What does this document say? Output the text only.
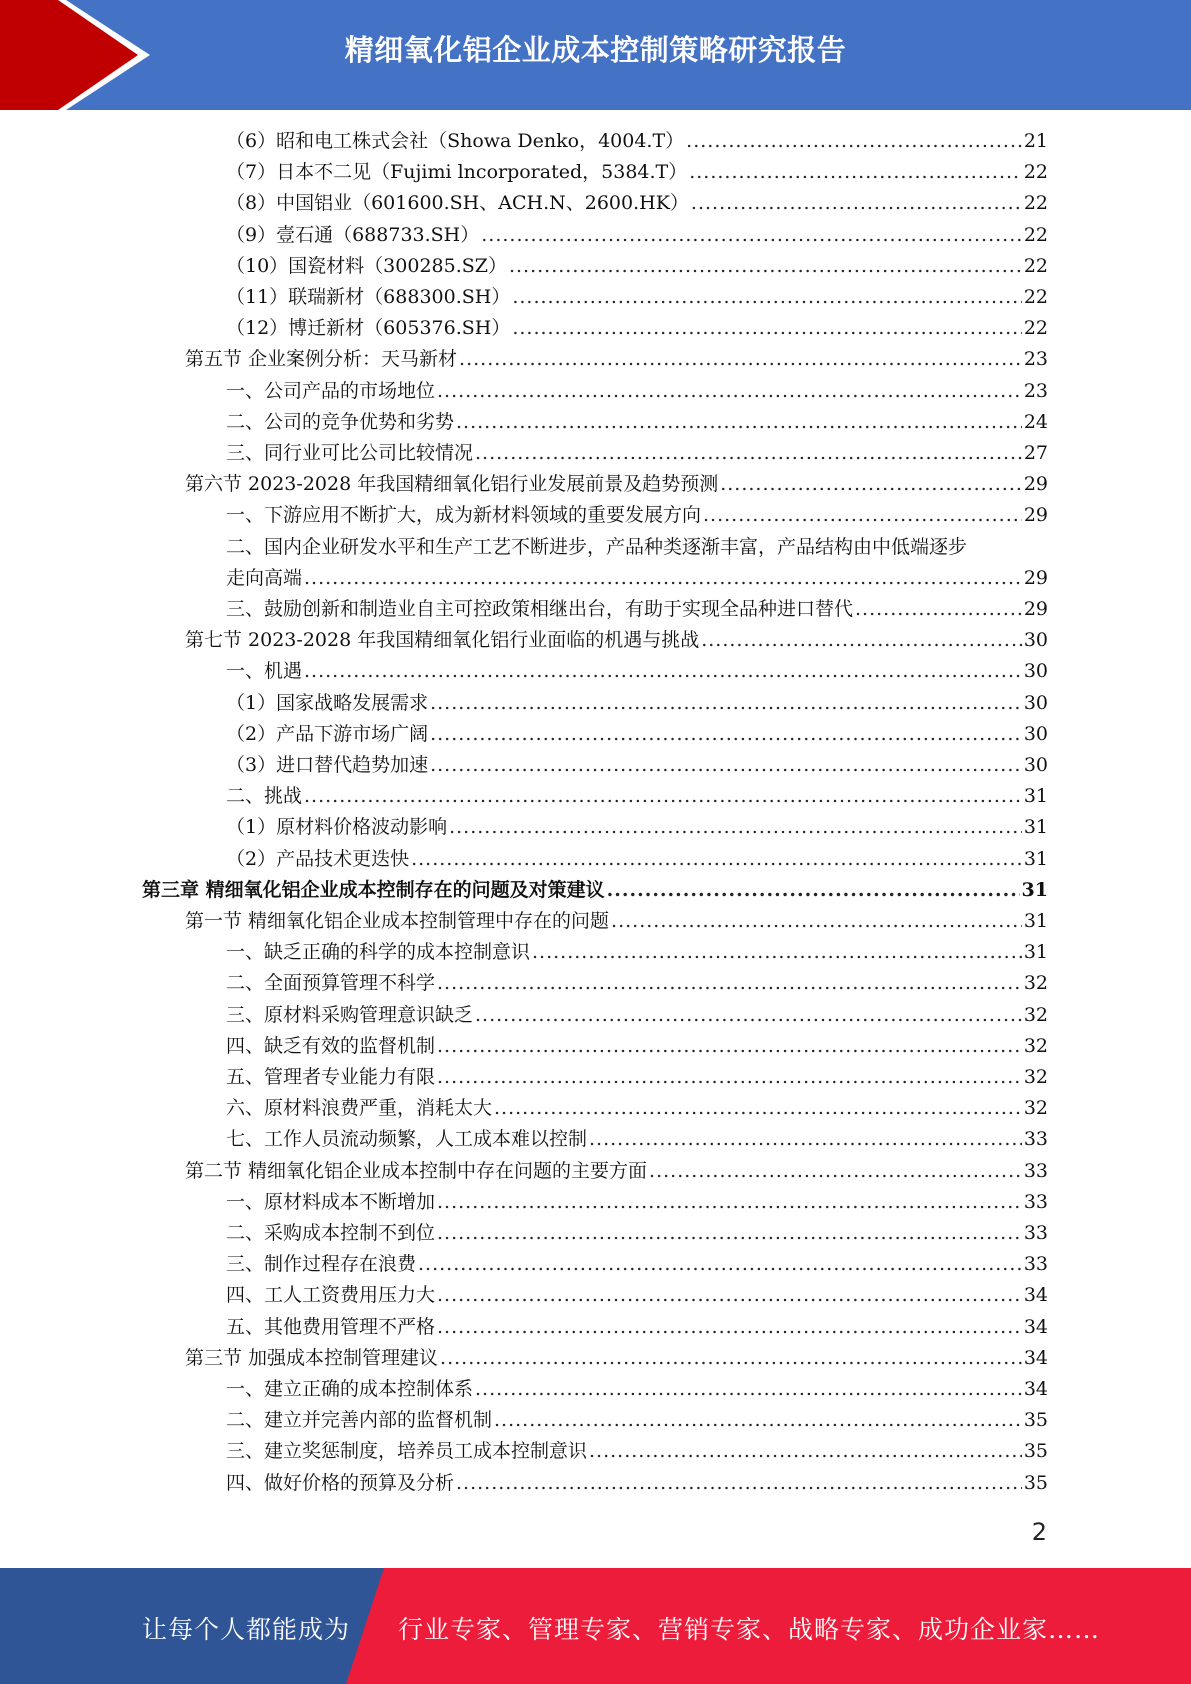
精细氧化铝企业成本控制策略研究报告
（6）昭和电工株式会社（Showa Denko，4004.T） .....	21
（7）日本不二见（Fujimi lncorporated，5384.T） .....	22
（8）中国铝业（601600.SH、ACH.N、2600.HK） .....	22
（9）壹石通（688733.SH） .....	22
（10）国瓷材料（300285.SZ） .....	22
（11）联瑞新材（688300.SH） .....	22
（12）博迁新材（605376.SH） .....	22
第五节 企业案例分析：天马新材 .....	23
一、公司产品的市场地位 .....	23
二、公司的竞争优势和劣势 .....	24
三、同行业可比公司比较情况 .....	27
第六节 2023-2028 年我国精细氧化铝行业发展前景及趋势预测 .....	29
一、下游应用不断扩大，成为新材料领域的重要发展方向 .....	29
二、国内企业研发水平和生产工艺不断进步，产品种类逐渐丰富，产品结构由中低端逐步
走向高端 .....	29
三、鼓励创新和制造业自主可控政策相继出台，有助于实现全品种进口替代 .....	29
第七节 2023-2028 年我国精细氧化铝行业面临的机遇与挑战 .....	30
一、机遇 .....	30
（1）国家战略发展需求 .....	30
（2）产品下游市场广阔 .....	30
（3）进口替代趋势加速 .....	30
二、挑战 .....	31
（1）原材料价格波动影响 .....	31
（2）产品技术更迭快 .....	31
第三章 精细氧化铝企业成本控制存在的问题及对策建议 .....	31
第一节 精细氧化铝企业成本控制管理中存在的问题 .....	31
一、缺乏正确的科学的成本控制意识 .....	31
二、全面预算管理不科学 .....	32
三、原材料采购管理意识缺乏 .....	32
四、缺乏有效的监督机制 .....	32
五、管理者专业能力有限 .....	32
六、原材料浪费严重，消耗太大 .....	32
七、工作人员流动频繁，人工成本难以控制 .....	33
第二节 精细氧化铝企业成本控制中存在问题的主要方面 .....	33
一、原材料成本不断增加 .....	33
二、采购成本控制不到位 .....	33
三、制作过程存在浪费 .....	33
四、工人工资费用压力大 .....	34
五、其他费用管理不严格 .....	34
第三节 加强成本控制管理建议 .....	34
一、建立正确的成本控制体系 .....	34
二、建立并完善内部的监督机制 .....	35
三、建立奖惩制度，培养员工成本控制意识 .....	35
四、做好价格的预算及分析 .....	35
2
让每个人都能成为 行业专家、管理专家、营销专家、战略专家、成功企业家……
